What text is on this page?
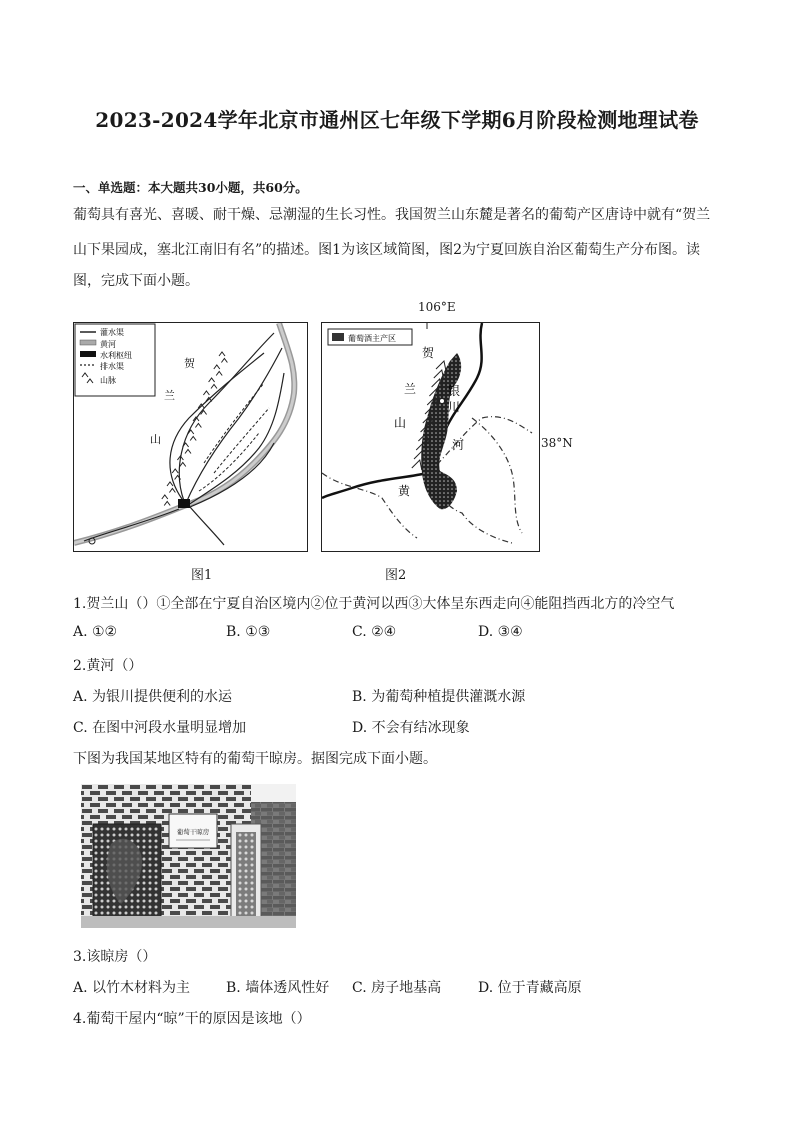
2023-2024学年北京市通州区七年级下学期6月阶段检测地理试卷
一、单选题：本大题共30小题，共60分。
葡萄具有喜光、喜暖、耐干燥、忌潮湿的生长习性。我国贺兰山东麓是著名的葡萄产区唐诗中就有“贺兰
山下果园成，塞北江南旧有名”的描述。图1为该区域简图，图2为宁夏回族自治区葡萄生产分布图。读
图，完成下面小题。
灌水渠
黄河
水利枢纽
排水渠
山脉
贺
兰
山
图1
106°E
葡萄酒主产区
银
川
贺
兰
山
河
黄
38°N
图2
1.贺兰山（）①全部在宁夏自治区境内②位于黄河以西③大体呈东西走向④能阻挡西北方的冷空气
A. ①②	B. ①③	C. ②④	D. ③④
2.黄河（）
A. 为银川提供便利的水运	B. 为葡萄种植提供灌溉水源
C. 在图中河段水量明显增加	D. 不会有结冰现象
下图为我国某地区特有的葡萄干晾房。据图完成下面小题。
葡萄干晾房
3.该晾房（）
A. 以竹木材料为主	B. 墙体透风性好 C. 房子地基高	D. 位于青藏高原
4.葡萄干屋内“晾”干的原因是该地（）
